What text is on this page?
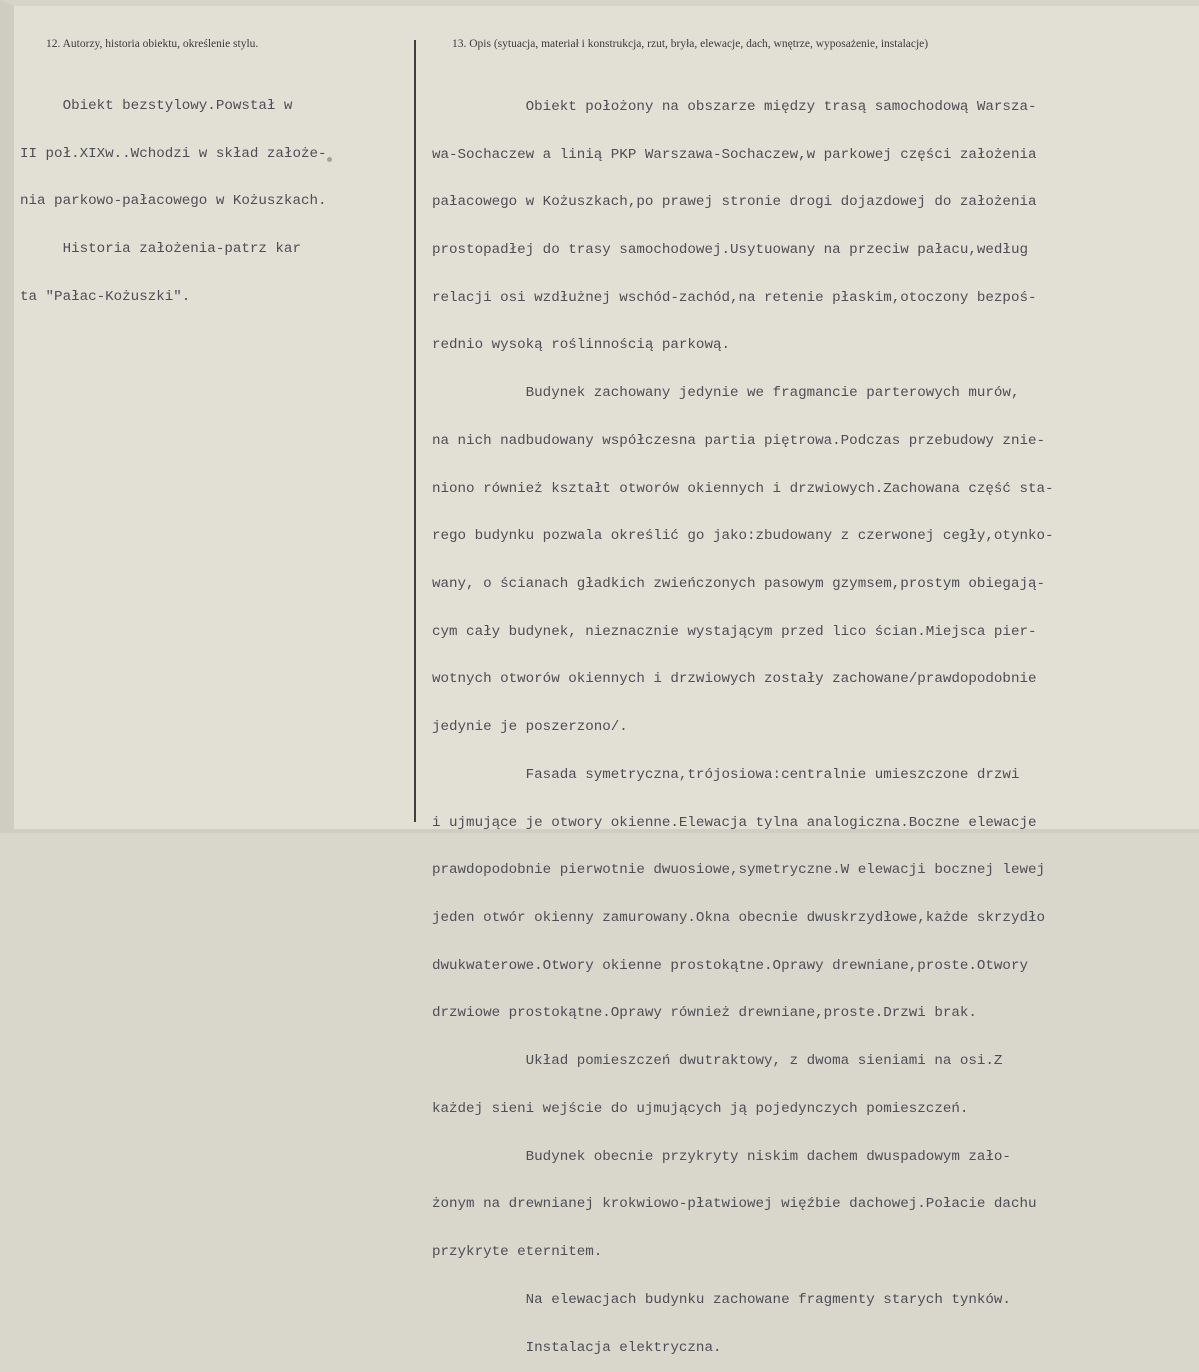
12. Autorzy, historia obiektu, określenie stylu.	13. Opis (sytuacja, materiał i konstrukcja, rzut, bryła, elewacje, dach, wnętrze, wyposażenie, instalacje)

Obiekt bezstylowy.Powstał w

II poł.XIXw..Wchodzi w skład założe-

nia parkowo-pałacowego w Kożuszkach.

Historia założenia-patrz kar

ta "Pałac-Kożuszki".

Obiekt położony na obszarze między trasą samochodową Warsza-

wa-Sochaczew a linią PKP Warszawa-Sochaczew,w parkowej części założenia

pałacowego w Kożuszkach,po prawej stronie drogi dojazdowej do założenia

prostopadłej do trasy samochodowej.Usytuowany na przeciw pałacu,według

relacji osi wzdłużnej wschód-zachód,na retenie płaskim,otoczony bezpoś-

rednio wysoką roślinnością parkową.

Budynek zachowany jedynie we fragmancie parterowych murów,

na nich nadbudowany współczesna partia piętrowa.Podczas przebudowy znie-

niono również kształt otworów okiennych i drzwiowych.Zachowana część sta-

rego budynku pozwala określić go jako:zbudowany z czerwonej cegły,otynko-

wany, o ścianach gładkich zwieńczonych pasowym gzymsem,prostym obiegają-

cym cały budynek, nieznacznie wystającym przed lico ścian.Miejsca pier-

wotnych otworów okiennych i drzwiowych zostały zachowane/prawdopodobnie

jedynie je poszerzono/.

Fasada symetryczna,trójosiowa:centralnie umieszczone drzwi

i ujmujące je otwory okienne.Elewacja tylna analogiczna.Boczne elewacje

prawdopodobnie pierwotnie dwuosiowe,symetryczne.W elewacji bocznej lewej

jeden otwór okienny zamurowany.Okna obecnie dwuskrzydłowe,każde skrzydło

dwukwaterowe.Otwory okienne prostokątne.Oprawy drewniane,proste.Otwory

drzwiowe prostokątne.Oprawy również drewniane,proste.Drzwi brak.

Układ pomieszczeń dwutraktowy, z dwoma sieniami na osi.Z

każdej sieni wejście do ujmujących ją pojedynczych pomieszczeń.

Budynek obecnie przykryty niskim dachem dwuspadowym zało-

żonym na drewnianej krokwiowo-płatwiowej więźbie dachowej.Połacie dachu

przykryte eternitem.

Na elewacjach budynku zachowane fragmenty starych tynków.

Instalacja elektryczna.
